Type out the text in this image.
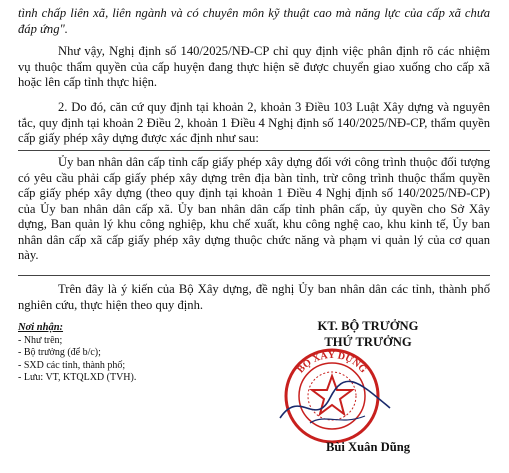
tình chấp liên xã, liên ngành và có chuyên môn kỹ thuật cao mà năng lực của cấp xã chưa đáp ứng".

Như vậy, Nghị định số 140/2025/NĐ-CP chỉ quy định việc phân định rõ các nhiệm vụ thuộc thẩm quyền của cấp huyện đang thực hiện sẽ được chuyển giao xuống cho cấp xã hoặc lên cấp tỉnh thực hiện.

2. Do đó, căn cứ quy định tại khoản 2, khoản 3 Điều 103 Luật Xây dựng và nguyên tắc, quy định tại khoản 2 Điều 2, khoản 1 Điều 4 Nghị định số 140/2025/NĐ-CP, thẩm quyền cấp giấy phép xây dựng được xác định như sau:

Ủy ban nhân dân cấp tỉnh cấp giấy phép xây dựng đối với công trình thuộc đối tượng có yêu cầu phải cấp giấy phép xây dựng trên địa bàn tỉnh, trừ công trình thuộc thẩm quyền cấp giấy phép xây dựng (theo quy định tại khoản 1 Điều 4 Nghị định số 140/2025/NĐ-CP) của Ủy ban nhân dân cấp xã. Ủy ban nhân dân cấp tỉnh phân cấp, ủy quyền cho Sở Xây dựng, Ban quản lý khu công nghiệp, khu chế xuất, khu công nghệ cao, khu kinh tế, Ủy ban nhân dân cấp xã cấp giấy phép xây dựng thuộc chức năng và phạm vi quản lý của cơ quan này.

Trên đây là ý kiến của Bộ Xây dựng, đề nghị Ủy ban nhân dân các tỉnh, thành phố nghiên cứu, thực hiện theo quy định.

Nơi nhận:
- Như trên;
- Bộ trưởng (để b/c);
- SXD các tỉnh, thành phố;
- Lưu: VT, KTQLXD (TVH).
KT. BỘ TRƯỞNG
THỨ TRƯỞNG
BỘ XÂY DỰNG
Bùi Xuân Dũng
